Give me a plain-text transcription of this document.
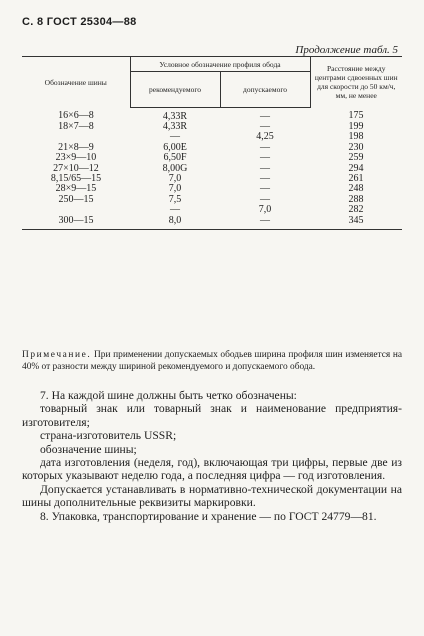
С. 8 ГОСТ 25304—88
Продолжение табл. 5
Обозначение шины	Условное обозначение профиля обода		Расстояние между центрами сдвоенных шин для скорости до 50 км/ч, мм, не менее
	рекомендуемого	допускаемого	
16×6—8	4,33R	—	175
18×7—8	4,33R	—	199
	—	4,25	198
21×8—9	6,00E	—	230
23×9—10	6,50F	—	259
27×10—12	8,00G	—	294
8,15/65—15	7,0	—	261
28×9—15	7,0	—	248
250—15	7,5	—	288
	—	7,0	282
300—15	8,0	—	345

Примечание. При применении допускаемых ободьев ширина профиля шин изменяется на 40% от разности между шириной рекомендуемого и допускаемого обода.

7. На каждой шине должны быть четко обозначены:

товарный знак или товарный знак и наименование предприятия-изготовителя;

страна-изготовитель USSR;

обозначение шины;

дата изготовления (неделя, год), включающая три цифры, первые две из которых указывают неделю года, а последняя цифра — год изготовления.

Допускается устанавливать в нормативно-технической документации на шины дополнительные реквизиты маркировки.

8. Упаковка, транспортирование и хранение — по ГОСТ 24779—81.
